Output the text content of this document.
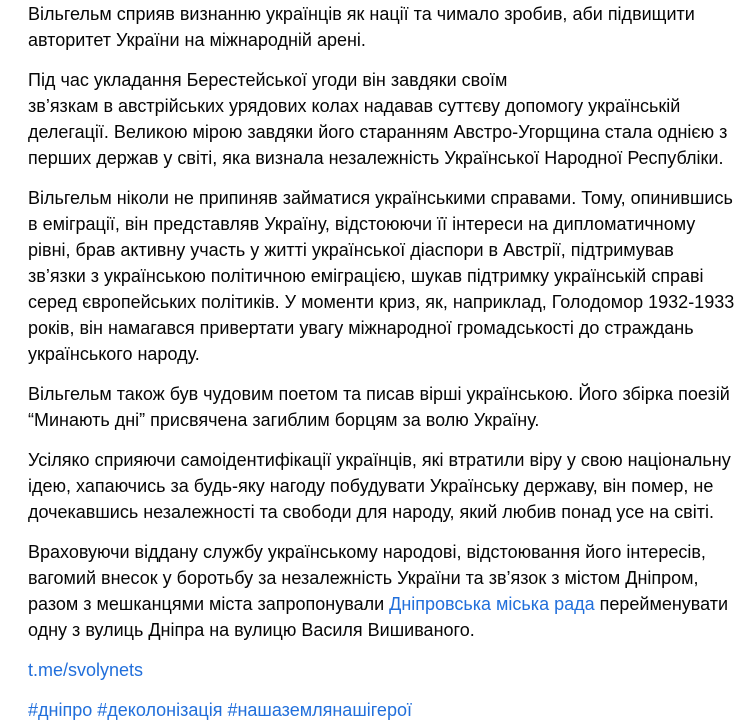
Вільгельм сприяв визнанню українців як нації та чимало зробив, аби підвищити авторитет України на міжнародній арені.

Під час укладання Берестейської угоди він завдяки своїм
зв’язкам в австрійських урядових колах надавав суттєву допомогу українській делегації. Великою мірою завдяки його старанням Австро-Угорщина стала однією з перших держав у світі, яка визнала незалежність Української Народної Республіки.

Вільгельм ніколи не припиняв займатися українськими справами. Тому, опинившись в еміграції, він представляв Україну, відстоюючи її інтереси на дипломатичному рівні, брав активну участь у житті української діаспори в Австрії, підтримував зв’язки з українською політичною еміграцією, шукав підтримку українській справі серед європейських політиків. У моменти криз, як, наприклад, Голодомор 1932-1933 років, він намагався привертати увагу міжнародної громадськості до страждань українського народу.

Вільгельм також був чудовим поетом та писав вірші українською. Його збірка поезій “Минають дні” присвячена загиблим борцям за волю Україну.

Усіляко сприяючи самоідентифікації українців, які втратили віру у свою національну ідею, хапаючись за будь-яку нагоду побудувати Українську державу, він помер, не дочекавшись незалежності та свободи для народу, який любив понад усе на світі.

Враховуючи віддану службу українському народові, відстоювання його інтересів, вагомий внесок у боротьбу за незалежність України та зв’язок з містом Дніпром, разом з мешканцями міста запропонували Дніпровська міська рада перейменувати одну з вулиць Дніпра на вулицю Василя Вишиваного.

t.me/svolynets

#дніпро #деколонізація #нашаземлянашігерої
